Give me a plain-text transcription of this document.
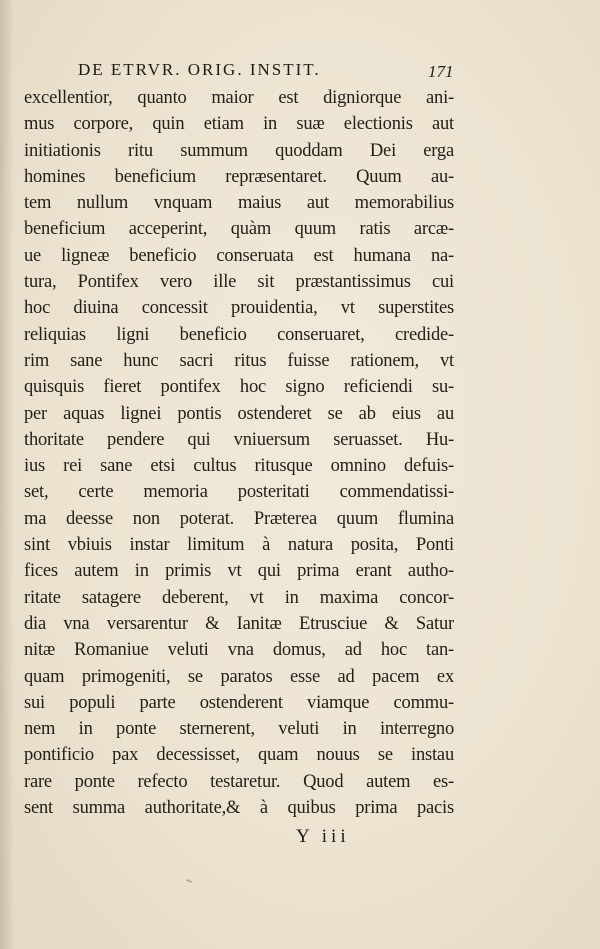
DE ETRVR. ORIG. INSTIT.	171
excellentior, quanto maior est digniorque ani-
mus corpore, quin etiam in suæ electionis aut
initiationis ritu summum quoddam Dei erga
homines beneficium repræsentaret. Quum au-
tem nullum vnquam maius aut memorabilius
beneficium acceperint, quàm quum ratis arcæ-
ue ligneæ beneficio conseruata est humana na-
tura, Pontifex vero ille sit præstantissimus cui
hoc diuina concessit prouidentia, vt superstites
reliquias ligni beneficio conseruaret, credide-
rim sane hunc sacri ritus fuisse rationem, vt
quisquis fieret pontifex hoc signo reficiendi su-
per aquas lignei pontis ostenderet se ab eius au
thoritate pendere qui vniuersum seruasset. Hu-
ius rei sane etsi cultus ritusque omnino defuis-
set, certe memoria posteritati commendatissi-
ma deesse non poterat. Præterea quum flumina
sint vbiuis instar limitum à natura posita, Ponti
fices autem in primis vt qui prima erant autho-
ritate satagere deberent, vt in maxima concor-
dia vna versarentur & Ianitæ Etrusciue & Satur
nitæ Romaniue veluti vna domus, ad hoc tan-
quam primogeniti, se paratos esse ad pacem ex
sui populi parte ostenderent viamque commu-
nem in ponte sternerent, veluti in interregno
pontificio pax decessisset, quam nouus se instau
rare ponte refecto testaretur. Quod autem es-
sent summa authoritate,& à quibus prima pacis
Y iii
